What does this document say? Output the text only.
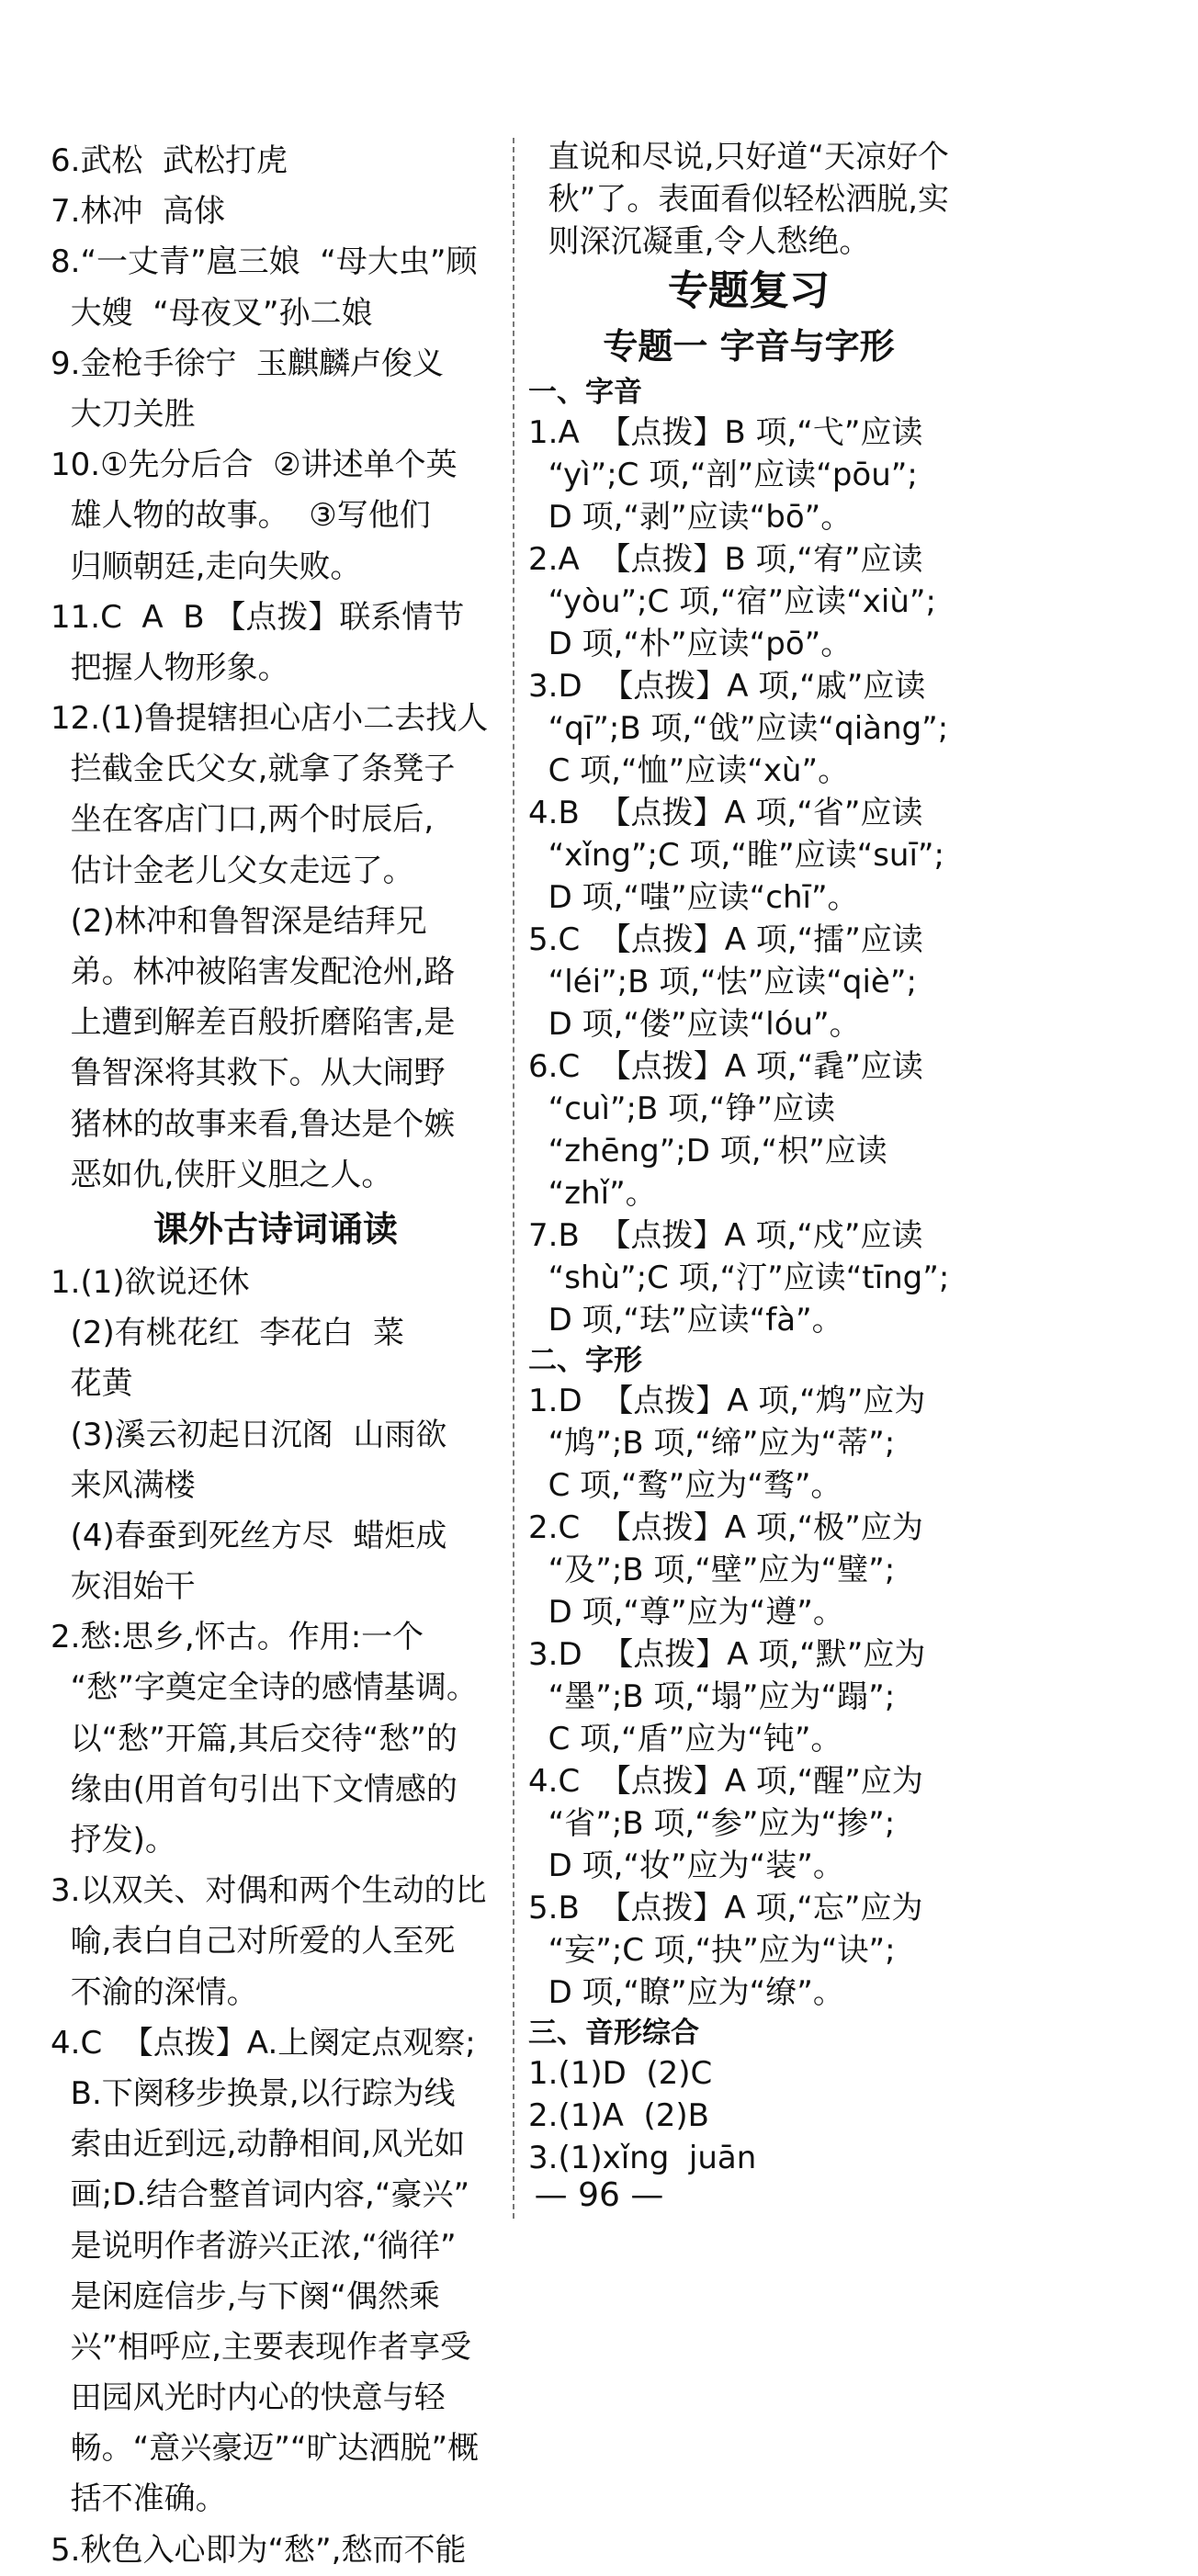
6.武松  武松打虎
7.林冲  高俅
8.“一丈青”扈三娘  “母大虫”顾
大嫂  “母夜叉”孙二娘
9.金枪手徐宁  玉麒麟卢俊义
大刀关胜
10.①先分后合  ②讲述单个英
雄人物的故事。  ③写他们
归顺朝廷,走向失败。
11.C  A  B 【点拨】联系情节
把握人物形象。
12.(1)鲁提辖担心店小二去找人
拦截金氏父女,就拿了条凳子
坐在客店门口,两个时辰后,
估计金老儿父女走远了。
(2)林冲和鲁智深是结拜兄
弟。林冲被陷害发配沧州,路
上遭到解差百般折磨陷害,是
鲁智深将其救下。从大闹野
猪林的故事来看,鲁达是个嫉
恶如仇,侠肝义胆之人。
课外古诗词诵读
1.(1)欲说还休
(2)有桃花红  李花白  菜
花黄
(3)溪云初起日沉阁  山雨欲
来风满楼
(4)春蚕到死丝方尽  蜡炬成
灰泪始干
2.愁:思乡,怀古。作用:一个
“愁”字奠定全诗的感情基调。
以“愁”开篇,其后交待“愁”的
缘由(用首句引出下文情感的
抒发)。
3.以双关、对偶和两个生动的比
喻,表白自己对所爱的人至死
不渝的深情。
4.C  【点拨】A.上阕定点观察;
B.下阕移步换景,以行踪为线
索由近到远,动静相间,风光如
画;D.结合整首词内容,“豪兴”
是说明作者游兴正浓,“徜徉”
是闲庭信步,与下阕“偶然乘
兴”相呼应,主要表现作者享受
田园风光时内心的快意与轻
畅。“意兴豪迈”“旷达洒脱”概
括不准确。
5.秋色入心即为“愁”,愁而不能
直说和尽说,只好道“天凉好个
秋”了。表面看似轻松洒脱,实
则深沉凝重,令人愁绝。
专题复习
专题一 字音与字形
一、字音
1.A  【点拨】B 项,“弋”应读
“yì”;C 项,“剖”应读“pōu”;
D 项,“剥”应读“bō”。
2.A  【点拨】B 项,“宥”应读
“yòu”;C 项,“宿”应读“xiù”;
D 项,“朴”应读“pō”。
3.D  【点拨】A 项,“戚”应读
“qī”;B 项,“戗”应读“qiàng”;
C 项,“恤”应读“xù”。
4.B  【点拨】A 项,“省”应读
“xǐng”;C 项,“睢”应读“suī”;
D 项,“嗤”应读“chī”。
5.C  【点拨】A 项,“擂”应读
“léi”;B 项,“怯”应读“qiè”;
D 项,“偻”应读“lóu”。
6.C  【点拨】A 项,“毳”应读
“cuì”;B 项,“铮”应读
“zhēng”;D 项,“枳”应读
“zhǐ”。
7.B  【点拨】A 项,“戍”应读
“shù”;C 项,“汀”应读“tīng”;
D 项,“珐”应读“fà”。
二、字形
1.D  【点拨】A 项,“鸩”应为
“鸠”;B 项,“缔”应为“蒂”;
C 项,“鹜”应为“骛”。
2.C  【点拨】A 项,“极”应为
“及”;B 项,“壁”应为“璧”;
D 项,“尊”应为“遵”。
3.D  【点拨】A 项,“默”应为
“墨”;B 项,“塌”应为“蹋”;
C 项,“盾”应为“钝”。
4.C  【点拨】A 项,“醒”应为
“省”;B 项,“参”应为“掺”;
D 项,“妆”应为“装”。
5.B  【点拨】A 项,“忘”应为
“妄”;C 项,“抉”应为“诀”;
D 项,“瞭”应为“缭”。
三、音形综合
1.(1)D  (2)C
2.(1)A  (2)B
3.(1)xǐng  juān
— 96 —
